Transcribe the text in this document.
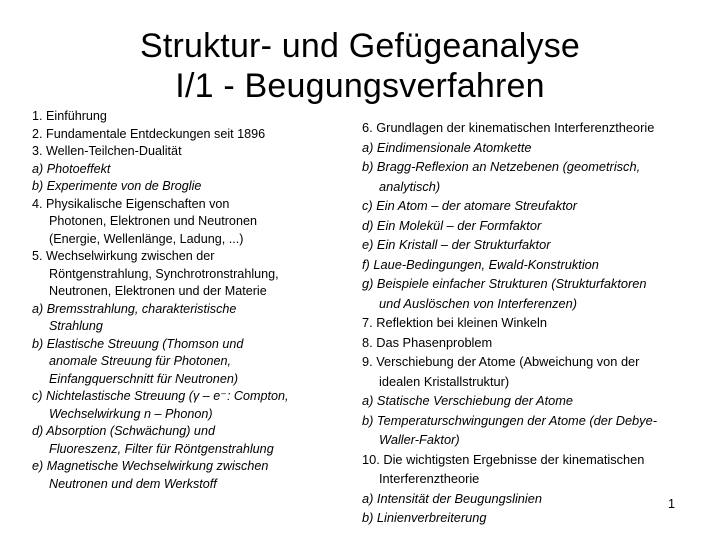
Struktur- und Gefügeanalyse
I/1 - Beugungsverfahren
1. Einführung
2. Fundamentale Entdeckungen seit 1896
3. Wellen-Teilchen-Dualität
a) Photoeffekt
b) Experimente von de Broglie
4. Physikalische Eigenschaften von
Photonen, Elektronen und Neutronen
(Energie, Wellenlänge, Ladung, ...)
5. Wechselwirkung zwischen der
Röntgenstrahlung, Synchrotronstrahlung,
Neutronen, Elektronen und der Materie
a) Bremsstrahlung, charakteristische
Strahlung
b) Elastische Streuung (Thomson und
anomale Streuung für Photonen,
Einfangquerschnitt für Neutronen)
c) Nichtelastische Streuung (γ – e⁻: Compton,
Wechselwirkung n – Phonon)
d) Absorption (Schwächung) und
Fluoreszenz, Filter für Röntgenstrahlung
e) Magnetische Wechselwirkung zwischen
Neutronen und dem Werkstoff
6. Grundlagen der kinematischen Interferenztheorie
a) Eindimensionale Atomkette
b) Bragg-Reflexion an Netzebenen (geometrisch,
analytisch)
c) Ein Atom – der atomare Streufaktor
d) Ein Molekül – der Formfaktor
e) Ein Kristall – der Strukturfaktor
f) Laue-Bedingungen, Ewald-Konstruktion
g) Beispiele einfacher Strukturen (Strukturfaktoren
und Auslöschen von Interferenzen)
7. Reflektion bei kleinen Winkeln
8. Das Phasenproblem
9. Verschiebung der Atome (Abweichung von der
idealen Kristallstruktur)
a) Statische Verschiebung der Atome
b) Temperaturschwingungen der Atome (der Debye-
Waller-Faktor)
10. Die wichtigsten Ergebnisse der kinematischen
Interferenztheorie
a) Intensität der Beugungslinien
b) Linienverbreiterung
1
